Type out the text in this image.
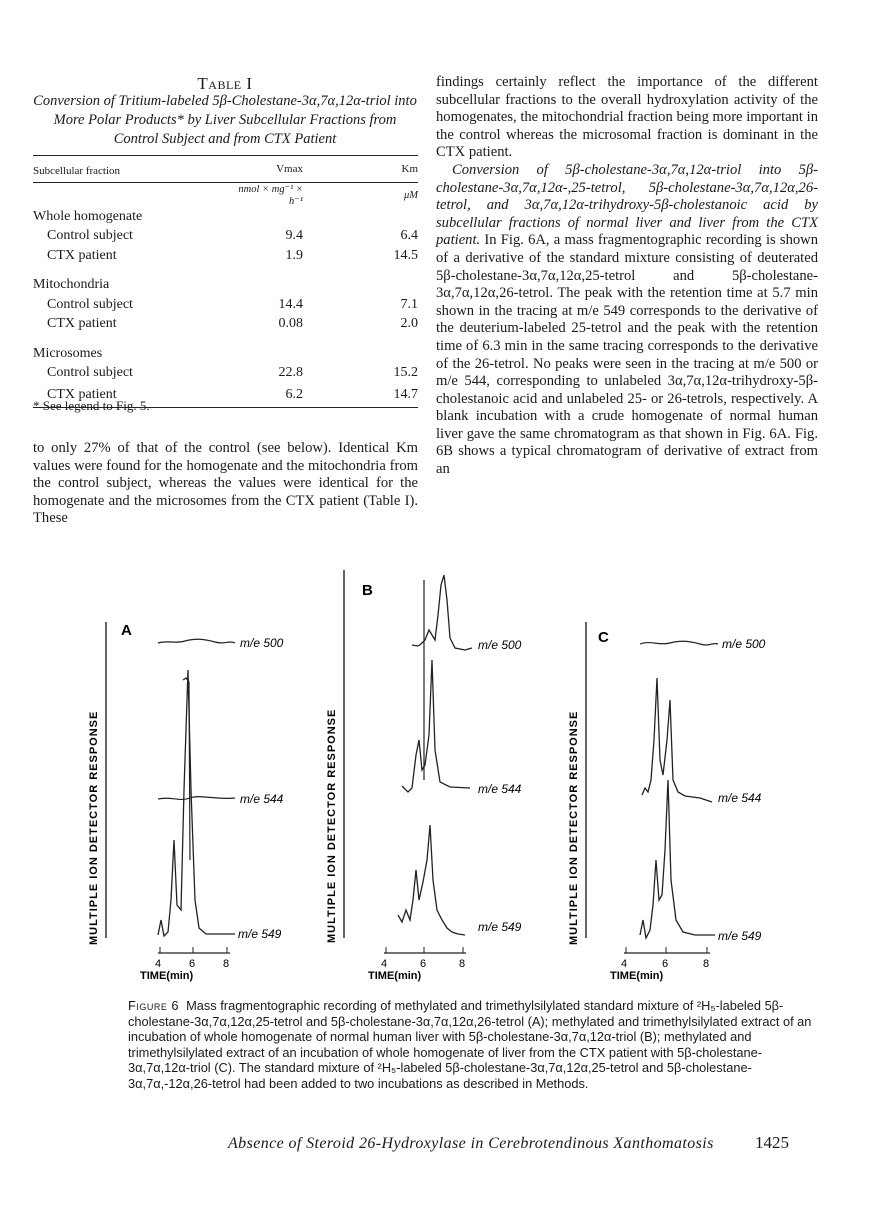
Table I
Conversion of Tritium-labeled 5β-Cholestane-3α,7α,12α-triol into More Polar Products* by Liver Subcellular Fractions from Control Subject and from CTX Patient
Subcellular fraction	Vmax	Km
	nmol × mg⁻¹ × h⁻¹	μM
Whole homogenate		
Control subject	9.4	6.4
CTX patient	1.9	14.5

Mitochondria		
Control subject	14.4	7.1
CTX patient	0.08	2.0

Microsomes		
Control subject	22.8	15.2
CTX patient	6.2	14.7
* See legend to Fig. 5.
to only 27% of that of the control (see below). Identical Km values were found for the homogenate and the mitochondria from the control subject, whereas the values were identical for the homogenate and the microsomes from the CTX patient (Table I). These
findings certainly reflect the importance of the different subcellular fractions to the overall hydroxylation activity of the homogenates, the mitochondrial fraction being more important in the control whereas the microsomal fraction is dominant in the CTX patient.
Conversion of 5β-cholestane-3α,7α,12α-triol into 5β-cholestane-3α,7α,12α-,25-tetrol, 5β-cholestane-3α,7α,12α,26-tetrol, and 3α,7α,12α-trihydroxy-5β-cholestanoic acid by subcellular fractions of normal liver and liver from the CTX patient. In Fig. 6A, a mass fragmentographic recording is shown of a derivative of the standard mixture consisting of deuterated 5β-cholestane-3α,7α,12α,25-tetrol and 5β-cholestane-3α,7α,12α,26-tetrol. The peak with the retention time at 5.7 min shown in the tracing at m/e 549 corresponds to the derivative of the deuterium-labeled 25-tetrol and the peak with the retention time of 6.3 min in the same tracing corresponds to the derivative of the 26-tetrol. No peaks were seen in the tracing at m/e 500 or m/e 544, corresponding to unlabeled 3α,7α,12α-trihydroxy-5β-cholestanoic acid and unlabeled 25- or 26-tetrols, respectively. A blank incubation with a crude homogenate of normal human liver gave the same chromatogram as that shown in Fig. 6A. Fig. 6B shows a typical chromatogram of derivative of extract from an
A
MULTIPLE ION DETECTOR RESPONSE
m/e 500
m/e 544
m/e 549
4	6	8
TIME(min)
B
MULTIPLE ION DETECTOR RESPONSE
m/e 500
m/e 544
m/e 549
4	6	8
TIME(min)
C
MULTIPLE ION DETECTOR RESPONSE
m/e 500
m/e 544
m/e 549
4	6	8
TIME(min)
Figure 6 Mass fragmentographic recording of methylated and trimethylsilylated standard mixture of ²H₅-labeled 5β-cholestane-3α,7α,12α,25-tetrol and 5β-cholestane-3α,7α,12α,26-tetrol (A); methylated and trimethylsilylated extract of an incubation of whole homogenate of normal human liver with 5β-cholestane-3α,7α,12α-triol (B); methylated and trimethylsilylated extract of an incubation of whole homogenate of liver from the CTX patient with 5β-cholestane-3α,7α,12α-triol (C). The standard mixture of ²H₅-labeled 5β-cholestane-3α,7α,12α,25-tetrol and 5β-cholestane-3α,7α,-12α,26-tetrol had been added to two incubations as described in Methods.
Absence of Steroid 26-Hydroxylase in Cerebrotendinous Xanthomatosis 1425
